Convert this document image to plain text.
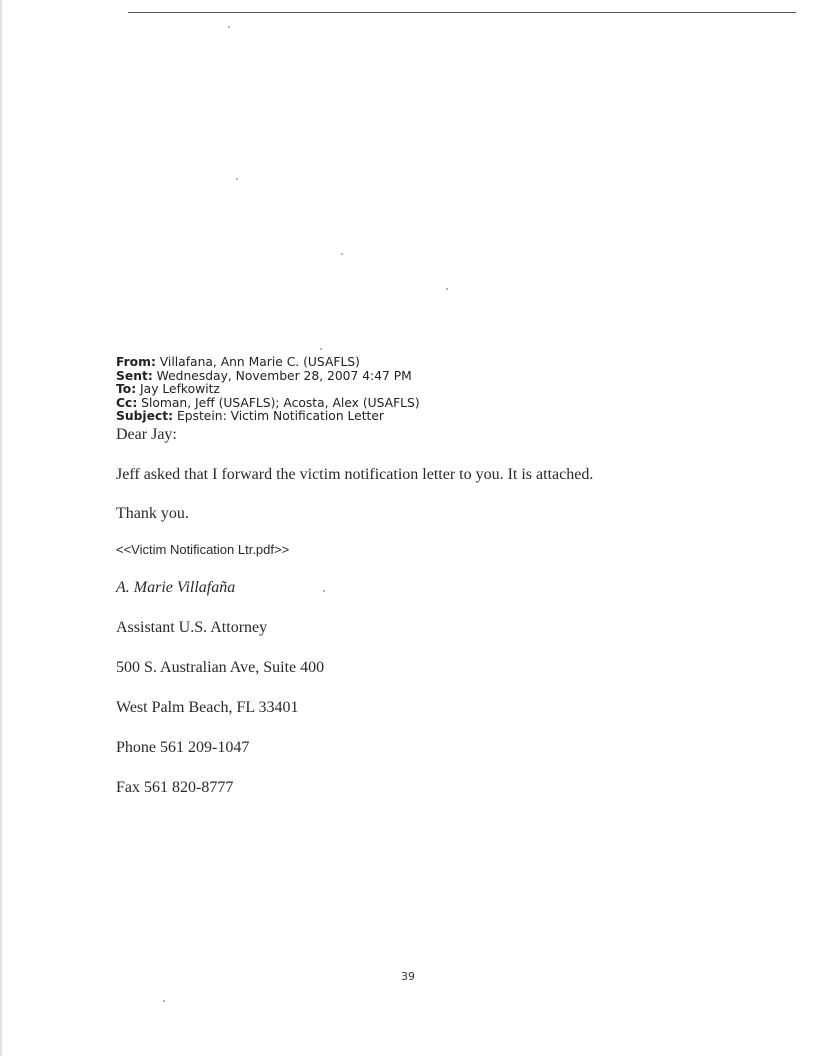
From: Villafana, Ann Marie C. (USAFLS)
Sent: Wednesday, November 28, 2007 4:47 PM
To: Jay Lefkowitz
Cc: Sloman, Jeff (USAFLS); Acosta, Alex (USAFLS)
Subject: Epstein: Victim Notification Letter
Dear Jay:
Jeff asked that I forward the victim notification letter to you. It is attached.
Thank you.
<<Victim Notification Ltr.pdf>>
A. Marie Villafaña
Assistant U.S. Attorney
500 S. Australian Ave, Suite 400
West Palm Beach, FL 33401
Phone 561 209-1047
Fax 561 820-8777
39
